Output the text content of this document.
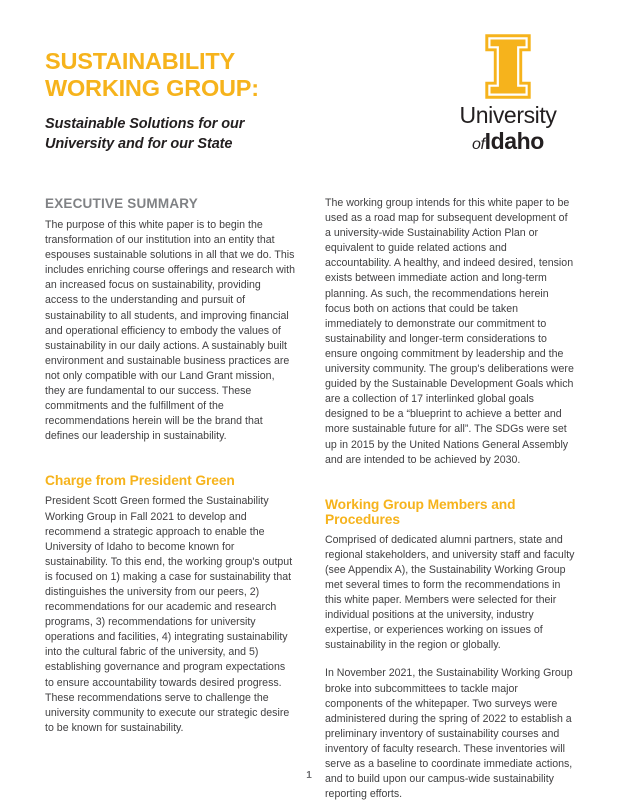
SUSTAINABILITY
WORKING GROUP:
Sustainable Solutions for our
University and for our State
University
ofIdaho
EXECUTIVE SUMMARY

The purpose of this white paper is to begin the transformation of our institution into an entity that espouses sustainable solutions in all that we do. This includes enriching course offerings and research with an increased focus on sustainability, providing access to the understanding and pursuit of sustainability to all students, and improving financial and operational efficiency to embody the values of sustainability in our daily actions. A sustainably built environment and sustainable business practices are not only compatible with our Land Grant mission, they are fundamental to our success. These commitments and the fulfillment of the recommendations herein will be the brand that defines our leadership in sustainability.

Charge from President Green

President Scott Green formed the Sustainability Working Group in Fall 2021 to develop and recommend a strategic approach to enable the University of Idaho to become known for sustainability. To this end, the working group's output is focused on 1) making a case for sustainability that distinguishes the university from our peers, 2) recommendations for our academic and research programs, 3) recommendations for university operations and facilities, 4) integrating sustainability into the cultural fabric of the university, and 5) establishing governance and program expectations to ensure accountability towards desired progress. These recommendations serve to challenge the university community to execute our strategic desire to be known for sustainability.

The working group intends for this white paper to be used as a road map for subsequent development of a university-wide Sustainability Action Plan or equivalent to guide related actions and accountability. A healthy, and indeed desired, tension exists between immediate action and long-term planning. As such, the recommendations herein focus both on actions that could be taken immediately to demonstrate our commitment to sustainability and longer-term considerations to ensure ongoing commitment by leadership and the university community. The group's deliberations were guided by the Sustainable Development Goals which are a collection of 17 interlinked global goals designed to be a “blueprint to achieve a better and more sustainable future for all”. The SDGs were set up in 2015 by the United Nations General Assembly and are intended to be achieved by 2030.

Working Group Members and Procedures

Comprised of dedicated alumni partners, state and regional stakeholders, and university staff and faculty (see Appendix A), the Sustainability Working Group met several times to form the recommendations in this white paper. Members were selected for their individual positions at the university, industry expertise, or experiences working on issues of sustainability in the region or globally.

In November 2021, the Sustainability Working Group broke into subcommittees to tackle major components of the whitepaper. Two surveys were administered during the spring of 2022 to establish a preliminary inventory of sustainability courses and inventory of faculty research. These inventories will serve as a baseline to coordinate immediate actions, and to build upon our campus-wide sustainability reporting efforts.

1
